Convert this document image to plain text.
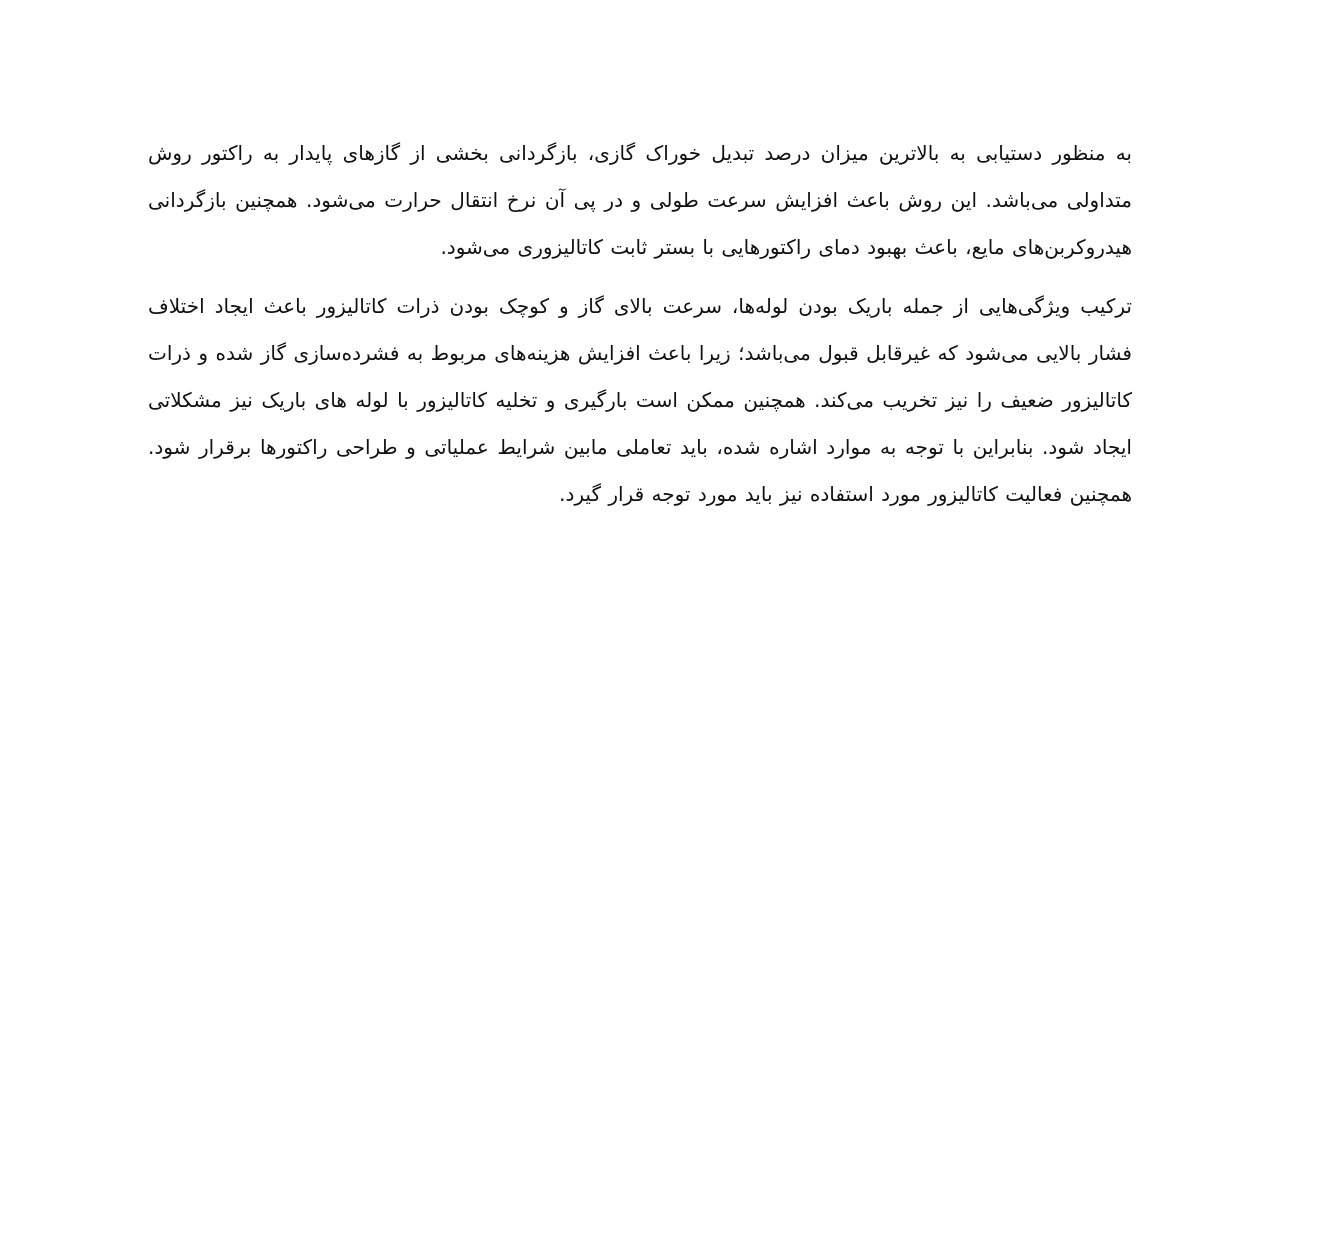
به منظور دستیابی به بالاترین میزان درصد تبدیل خوراک گازی، بازگردانی بخشی از گازهای پایدار به راکتور روش متداولی می‌باشد. این روش باعث افزایش سرعت طولی و در پی آن نرخ انتقال حرارت می‌شود. همچنین بازگردانی هیدروکربن‌های مایع، باعث بهبود دمای راکتورهایی با بستر ثابت کاتالیزوری می‌شود.

ترکیب ویژگی‌هایی از جمله باریک بودن لوله‌ها، سرعت بالای گاز و کوچک بودن ذرات کاتالیزور باعث ایجاد اختلاف فشار بالایی می‌شود که غیرقابل قبول می‌باشد؛ زیرا باعث افزایش هزینه‌های مربوط به فشرده‌سازی گاز شده و ذرات کاتالیزور ضعیف را نیز تخریب می‌کند. همچنین ممکن است بارگیری و تخلیه کاتالیزور با لوله های باریک نیز مشکلاتی ایجاد شود. بنابراین با توجه به موارد اشاره شده، باید تعاملی مابین شرایط عملیاتی و طراحی راکتورها برقرار شود. همچنین فعالیت کاتالیزور مورد استفاده نیز باید مورد توجه قرار گیرد.
